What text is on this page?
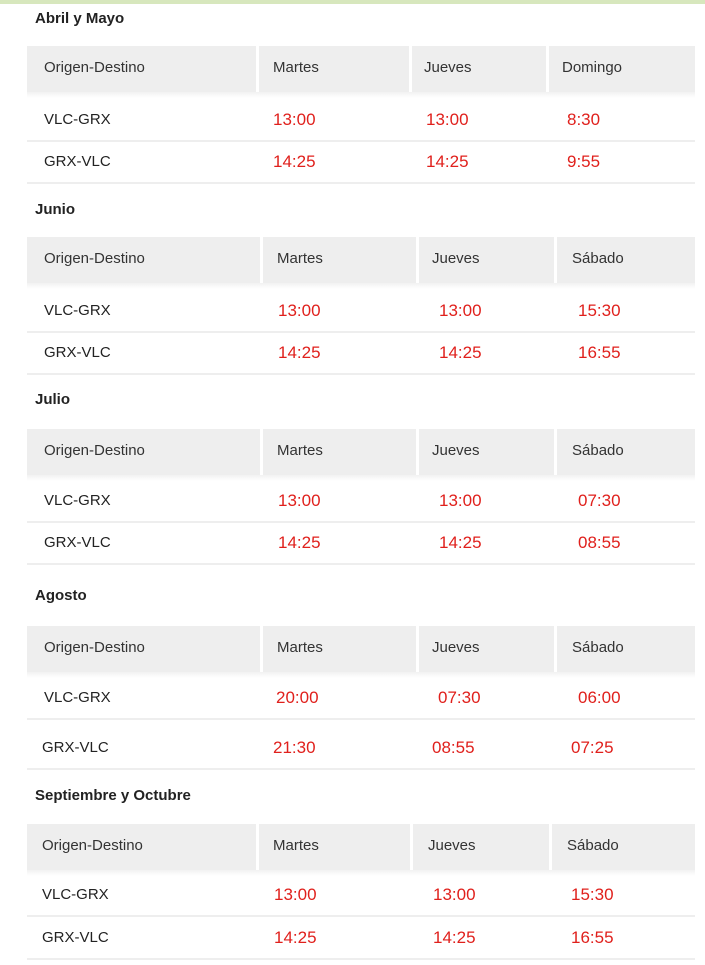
Abril y Mayo
Origen-Destino	Martes	Jueves	Domingo
VLC-GRX	13:00	13:00	8:30
GRX-VLC	14:25	14:25	9:55
Junio
Origen-Destino	Martes	Jueves	Sábado
VLC-GRX	13:00	13:00	15:30
GRX-VLC	14:25	14:25	16:55
Julio
Origen-Destino	Martes	Jueves	Sábado
VLC-GRX	13:00	13:00	07:30
GRX-VLC	14:25	14:25	08:55
Agosto
Origen-Destino	Martes	Jueves	Sábado
VLC-GRX	20:00	07:30	06:00
GRX-VLC	21:30	08:55	07:25
Septiembre y Octubre
Origen-Destino	Martes	Jueves	Sábado
VLC-GRX	13:00	13:00	15:30
GRX-VLC	14:25	14:25	16:55
